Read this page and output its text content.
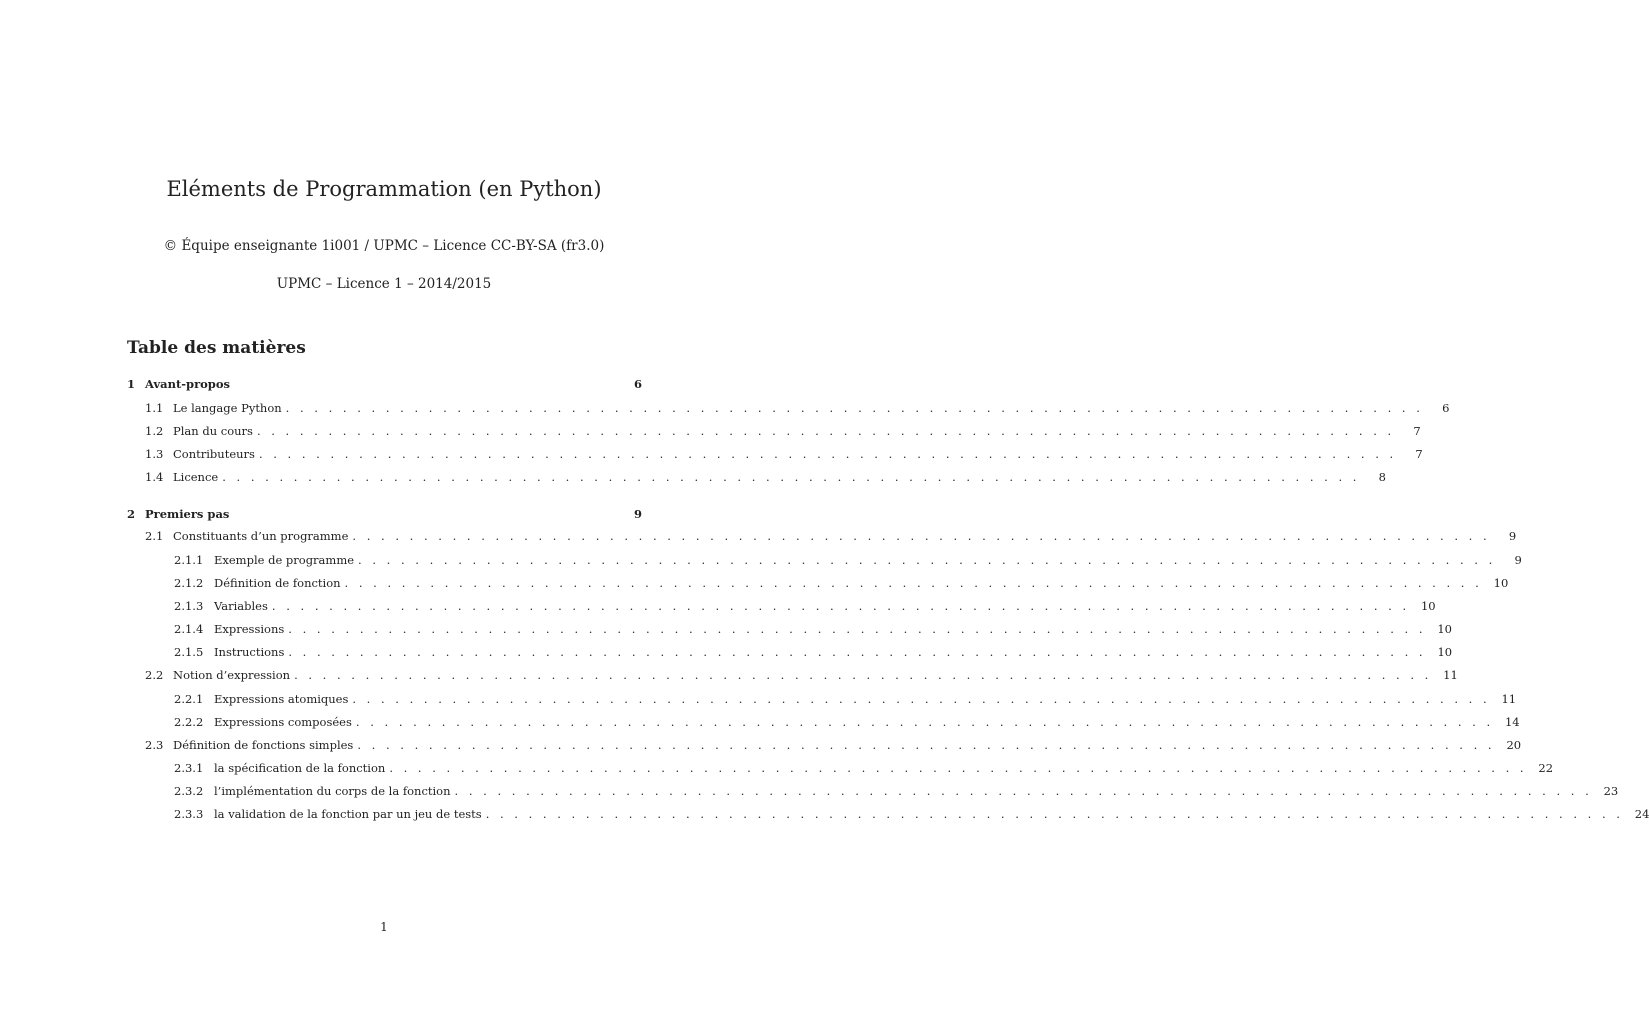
Eléments de Programmation (en Python)
© Équipe enseignante 1i001 / UPMC – Licence CC-BY-SA (fr3.0)
UPMC – Licence 1 – 2014/2015
Table des matières
1 Avant-propos	6
1.1 Le langage Python . . . . . . . . . . . . . . . . . . . . . . . . . . . . . . . . . . . . . . . . . . . . . . . . . . . . . . . . . . . . . . . . . . . . . . . . . . . . . . . .	6
1.2 Plan du cours . . . . . . . . . . . . . . . . . . . . . . . . . . . . . . . . . . . . . . . . . . . . . . . . . . . . . . . . . . . . . . . . . . . . . . . . . . . . . . . .	7
1.3 Contributeurs . . . . . . . . . . . . . . . . . . . . . . . . . . . . . . . . . . . . . . . . . . . . . . . . . . . . . . . . . . . . . . . . . . . . . . . . . . . . . . . .	7
1.4 Licence . . . . . . . . . . . . . . . . . . . . . . . . . . . . . . . . . . . . . . . . . . . . . . . . . . . . . . . . . . . . . . . . . . . . . . . . . . . . . . . .	8
2 Premiers pas	9
2.1 Constituants d’un programme . . . . . . . . . . . . . . . . . . . . . . . . . . . . . . . . . . . . . . . . . . . . . . . . . . . . . . . . . . . . . . . . . . . . . . . . . . . . . . . .	9
2.1.1 Exemple de programme . . . . . . . . . . . . . . . . . . . . . . . . . . . . . . . . . . . . . . . . . . . . . . . . . . . . . . . . . . . . . . . . . . . . . . . . . . . . . . . .	9
2.1.2 Définition de fonction . . . . . . . . . . . . . . . . . . . . . . . . . . . . . . . . . . . . . . . . . . . . . . . . . . . . . . . . . . . . . . . . . . . . . . . . . . . . . . . . 10
2.1.3 Variables . . . . . . . . . . . . . . . . . . . . . . . . . . . . . . . . . . . . . . . . . . . . . . . . . . . . . . . . . . . . . . . . . . . . . . . . . . . . . . . . 10
2.1.4 Expressions . . . . . . . . . . . . . . . . . . . . . . . . . . . . . . . . . . . . . . . . . . . . . . . . . . . . . . . . . . . . . . . . . . . . . . . . . . . . . . . . 10
2.1.5 Instructions . . . . . . . . . . . . . . . . . . . . . . . . . . . . . . . . . . . . . . . . . . . . . . . . . . . . . . . . . . . . . . . . . . . . . . . . . . . . . . . . 10
2.2 Notion d’expression . . . . . . . . . . . . . . . . . . . . . . . . . . . . . . . . . . . . . . . . . . . . . . . . . . . . . . . . . . . . . . . . . . . . . . . . . . . . . . . . 11
2.2.1 Expressions atomiques . . . . . . . . . . . . . . . . . . . . . . . . . . . . . . . . . . . . . . . . . . . . . . . . . . . . . . . . . . . . . . . . . . . . . . . . . . . . . . . . 11
2.2.2 Expressions composées . . . . . . . . . . . . . . . . . . . . . . . . . . . . . . . . . . . . . . . . . . . . . . . . . . . . . . . . . . . . . . . . . . . . . . . . . . . . . . . . 14
2.3 Définition de fonctions simples . . . . . . . . . . . . . . . . . . . . . . . . . . . . . . . . . . . . . . . . . . . . . . . . . . . . . . . . . . . . . . . . . . . . . . . . . . . . . . . . 20
2.3.1 la spécification de la fonction . . . . . . . . . . . . . . . . . . . . . . . . . . . . . . . . . . . . . . . . . . . . . . . . . . . . . . . . . . . . . . . . . . . . . . . . . . . . . . . . 22
2.3.2 l’implémentation du corps de la fonction . . . . . . . . . . . . . . . . . . . . . . . . . . . . . . . . . . . . . . . . . . . . . . . . . . . . . . . . . . . . . . . . . . . . . . . . . . . . . . . . 23
2.3.3 la validation de la fonction par un jeu de tests . . . . . . . . . . . . . . . . . . . . . . . . . . . . . . . . . . . . . . . . . . . . . . . . . . . . . . . . . . . . . . . . . . . . . . . . . . . . . . . . 24
1
